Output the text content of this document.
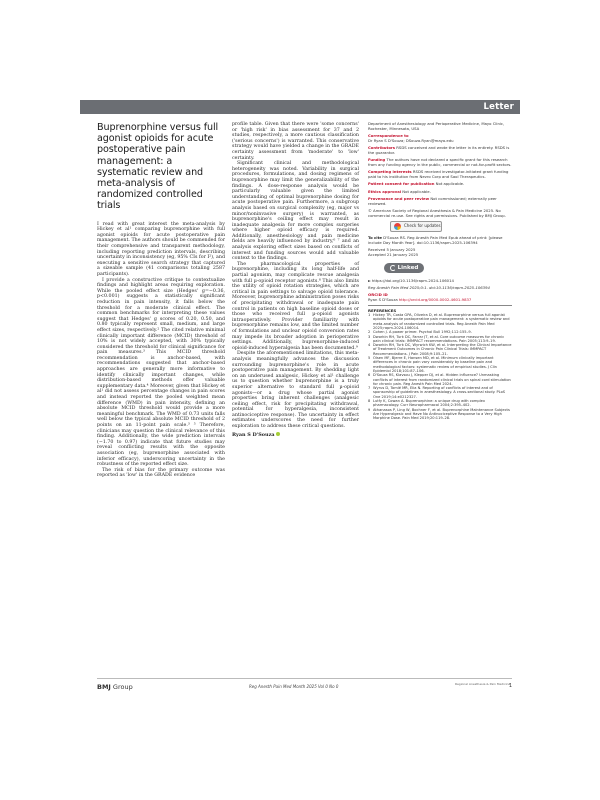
Letter
Buprenorphine versus full agonist opioids for acute postoperative pain management: a systematic review and meta-analysis of randomized controlled trials

I read with great interest the meta-analysis by Hickey et al¹ comparing buprenorphine with full agonist opioids for acute postoperative pain management. The authors should be commended for their comprehensive and transparent methodology, including reporting prediction intervals, describing uncertainty in inconsistency (eg, 95% CIs for I²), and executing a sensitive search strategy that captured a sizeable sample (41 comparisons totaling 2587 participants).

I provide a constructive critique to contextualize findings and highlight areas requiring exploration. While the pooled effect size (Hedges' g=−0.36, p<0.001) suggests a statistically significant reduction in pain intensity, it falls below the threshold for a moderate clinical effect. The common benchmarks for interpreting these values suggest that Hedges' g scores of 0.20, 0.50, and 0.80 typically represent small, medium, and large effect sizes, respectively.² The cited relative minimal clinically important difference (MCID) threshold of 10% is not widely accepted, with 30% typically considered the threshold for clinical significance for pain measures.³ This MCID threshold recommendation is anchor-based, with recommendations suggested that anchor-based approaches are generally more informative to identify clinically important changes, while distribution-based methods offer valuable supplementary data.⁴ Moreover, given that Hickey et al¹ did not assess percentage changes in pain scores and instead reported the pooled weighted mean difference (WMD) in pain intensity, defining an absolute MCID threshold would provide a more meaningful benchmark. The WMD of 0.73 units falls well below the typical absolute MCID threshold of 2 points on an 11-point pain scale.³ ⁵ Therefore, clinicians may question the clinical relevance of this finding. Additionally, the wide prediction intervals (−1.70 to 0.97) indicate that future studies may reveal conflicting results with the opposite association (eg, buprenorphine associated with inferior efficacy), underscoring uncertainty in the robustness of the reported effect size.

The risk of bias for the primary outcome was reported as 'low' in the GRADE evidence

profile table. Given that there were 'some concerns' or 'high risk' in bias assessment for 37 and 2 studies, respectively, a more cautious classification ('serious concerns') is warranted. This conservative strategy would have yielded a change in the GRADE certainty assessment from 'moderate' to 'low' certainty.

Significant clinical and methodological heterogeneity was noted. Variability in surgical procedures, formulations, and dosing regimens of buprenorphine may limit the generalizability of the findings. A dose-response analysis would be particularly valuable given the limited understanding of optimal buprenorphine dosing for acute postoperative pain. Furthermore, a subgroup analysis based on surgical complexity (eg, major vs minor/noninvasive surgery) is warranted, as buprenorphine's ceiling effect may result in inadequate analgesia for more complex surgeries where higher opioid efficacy is required. Additionally, anesthesiology and pain medicine fields are heavily influenced by industry,⁶ ⁷ and an analysis exploring effect sizes based on conflicts of interest and funding sources would add valuable context to the findings.

The pharmacological properties of buprenorphine, including its long half-life and partial agonism, may complicate rescue analgesia with full µ-opioid receptor agonists.⁸ This also limits the utility of opioid rotation strategies, which are critical in pain settings to salvage opioid tolerance. Moreover, buprenorphine administration poses risks of precipitating withdrawal or inadequate pain control in patients on high baseline opioid doses or those who received full µ-opioid agonists intraoperatively. Provider familiarity with buprenorphine remains low, and the limited number of formulations and unclear opioid conversion rates may impede its broader adoption in perioperative settings. Additionally, buprenorphine-induced opioid-induced hyperalgesia has been documented.⁹

Despite the aforementioned limitations, this meta-analysis meaningfully advances the discussion surrounding buprenorphine's role in acute postoperative pain management. By shedding light on an underused analgesic, Hickey et al¹ challenge us to question whether buprenorphine is a truly superior alternative to standard full µ-opioid agonists—or a drug whose partial agonist properties bring inherent challenges (analgesic ceiling effect, risk for precipitating withdrawal, potential for hyperalgesia, inconsistent antinociceptive response). The uncertainty in effect estimates underscores the need for further exploration to address these critical questions.

Ryan S D'Souza
Department of Anesthesiology and Perioperative Medicine, Mayo Clinic, Rochester, Minnesota, USA
Correspondence to
Dr Ryan S D'Souza; DSouza.Ryan@mayo.edu
Contributors RSDS conceived and wrote the letter in its entirety. RSDS is the guarantor.
Funding The authors have not declared a specific grant for this research from any funding agency in the public, commercial or not-for-profit sectors.
Competing interests RSDS received investigator-initiated grant funding paid to his institution from Nevro Corp and Saol Therapeutics.
Patient consent for publication Not applicable.
Ethics approval Not applicable.
Provenance and peer review Not commissioned; externally peer reviewed.
© American Society of Regional Anesthesia & Pain Medicine 2025. No commercial re-use. See rights and permissions. Published by BMJ Group.
Check for updates
To cite D'Souza RS. Reg Anesth Pain Med Epub ahead of print: [please include Day Month Year]. doi:10.1136/rapm-2025-106394
Received 5 January 2025
Accepted 21 January 2025
Linked
►https://doi.org/10.1136/rapm-2024-106014
Reg Anesth Pain Med 2025;0:1. doi:10.1136/rapm-2025-106394
ORCID iD
Ryan S D'Souza http://orcid.org/0000-0002-4601-9837
REFERENCES
1 Hickey TR, Costa GPA, Oliveira D, et al. Buprenorphine versus full agonist opioids for acute postoperative pain management: a systematic review and meta-analysis of randomized controlled trials. Reg Anesth Pain Med 2025;rapm-2024-106014.
2 Cohen J. A power primer. Psychol Bull 1992;112:155–9.
3 Dworkin RH, Turk DC, Farrar JT, et al. Core outcome measures for chronic pain clinical trials: IMMPACT recommendations. Pain 2005;113:9–19.
4 Dworkin RH, Turk DC, Wyrwich KW, et al. Interpreting the Clinical Importance of Treatment Outcomes in Chronic Pain Clinical Trials: IMMPACT Recommendations. J Pain 2008;9:105–21.
5 Olsen MF, Bjerre E, Hansen MD, et al. Minimum clinically important differences in chronic pain vary considerably by baseline pain and methodological factors: systematic review of empirical studies. J Clin Epidemiol 2018;101:87–106.
6 D'Souza RS, Klavsou J, Klepper DJ, et al. Hidden influence? Unmasking conflicts of interest from randomized clinical trials on spinal cord stimulation for chronic pain. Reg Anesth Pain Med 2024.
7 Wyrus D, Tomlé MR, Elia N. Reporting of conflicts of interest and of sponsorship of guidelines in anesthesiology. A cross-sectional study. PLoS One 2019;14:e0212327.
8 Lutfy K, Cowan A. Buprenorphine: a unique drug with complex pharmacology. Curr Neuropharmacol 2004;2:395–402.
9 Athanasos P, Ling W, Bochner F, et al. Buprenorphine Maintenance Subjects Are Hyperalgesic and Have No Antinociceptive Response to a Very High Morphine Dose. Pain Med 2019;20:119–28.
BMJ Group	Reg Anesth Pain Med Month 2025 Vol 0 No 0	Regional Anesthesia & Pain Medicine
1
